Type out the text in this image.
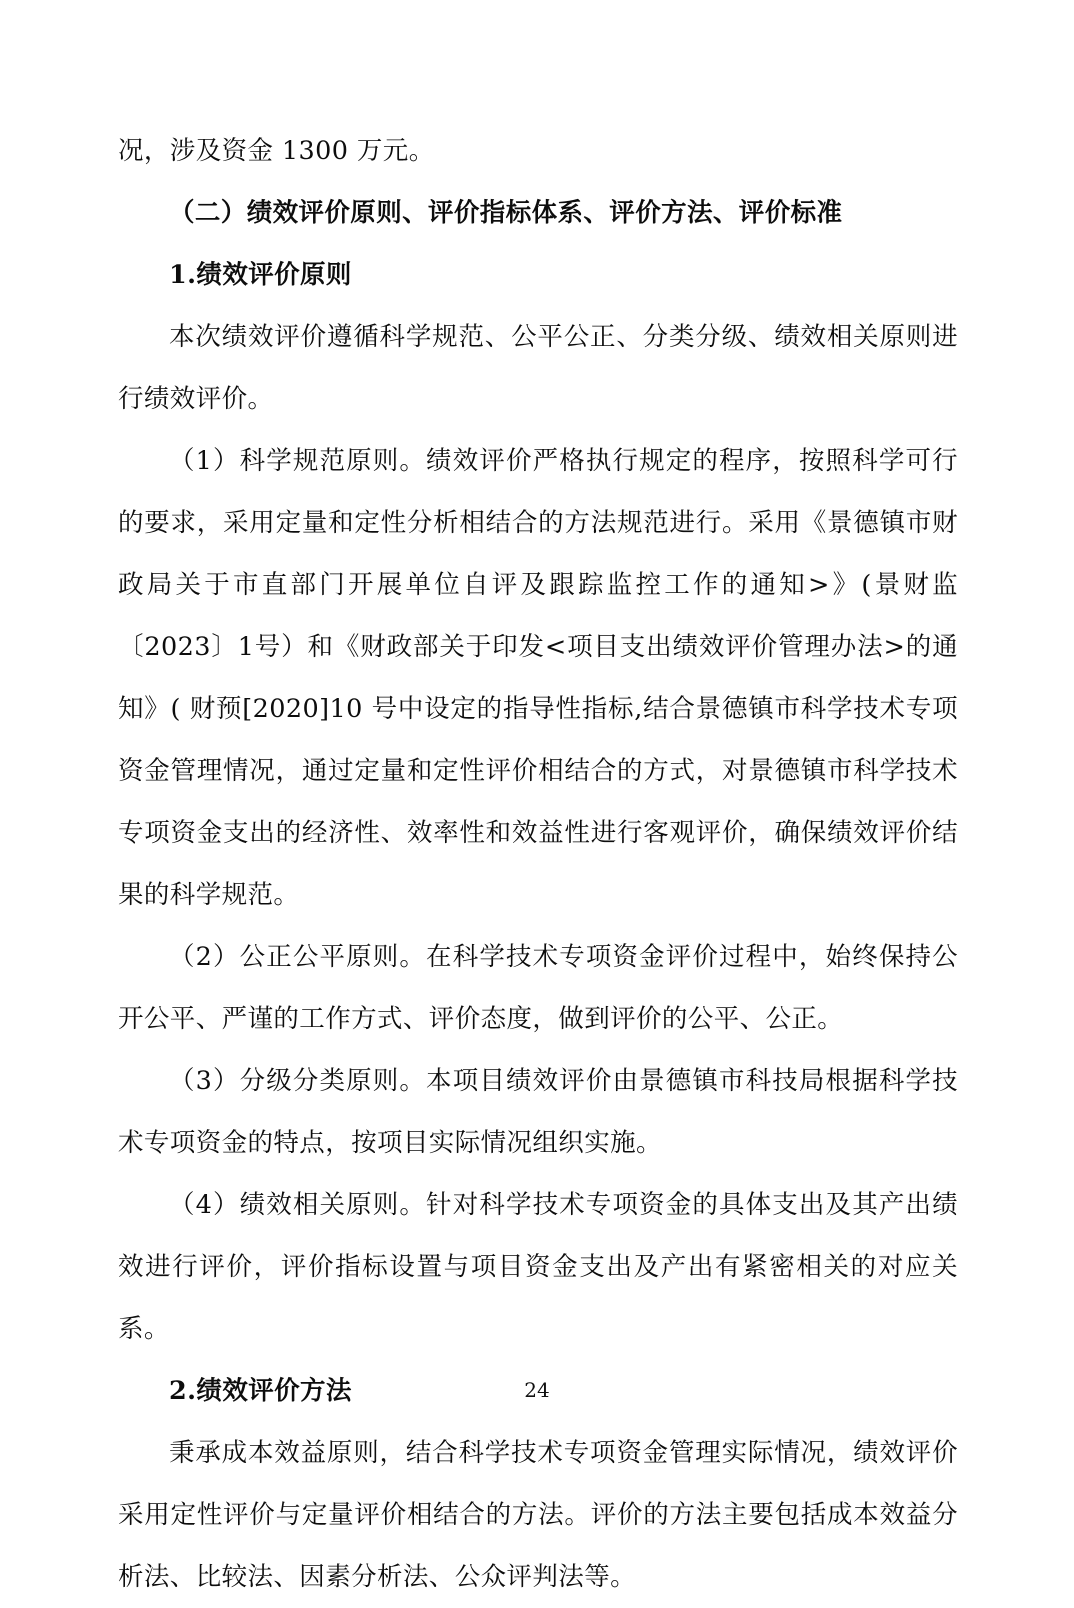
况，涉及资金 1300 万元。

（二）绩效评价原则、评价指标体系、评价方法、评价标准

1.绩效评价原则

本次绩效评价遵循科学规范、公平公正、分类分级、绩效相关原则进行绩效评价。

（1）科学规范原则。绩效评价严格执行规定的程序，按照科学可行的要求，采用定量和定性分析相结合的方法规范进行。采用《景德镇市财政局关于市直部门开展单位自评及跟踪监控工作的通知>》(景财监〔2023〕1号）和《财政部关于印发<项目支出绩效评价管理办法>的通知》( 财预[2020]10 号中设定的指导性指标,结合景德镇市科学技术专项资金管理情况，通过定量和定性评价相结合的方式，对景德镇市科学技术专项资金支出的经济性、效率性和效益性进行客观评价，确保绩效评价结果的科学规范。

（2）公正公平原则。在科学技术专项资金评价过程中，始终保持公开公平、严谨的工作方式、评价态度，做到评价的公平、公正。

（3）分级分类原则。本项目绩效评价由景德镇市科技局根据科学技术专项资金的特点，按项目实际情况组织实施。

（4）绩效相关原则。针对科学技术专项资金的具体支出及其产出绩效进行评价，评价指标设置与项目资金支出及产出有紧密相关的对应关系。

2.绩效评价方法

秉承成本效益原则，结合科学技术专项资金管理实际情况，绩效评价采用定性评价与定量评价相结合的方法。评价的方法主要包括成本效益分析法、比较法、因素分析法、公众评判法等。

24
